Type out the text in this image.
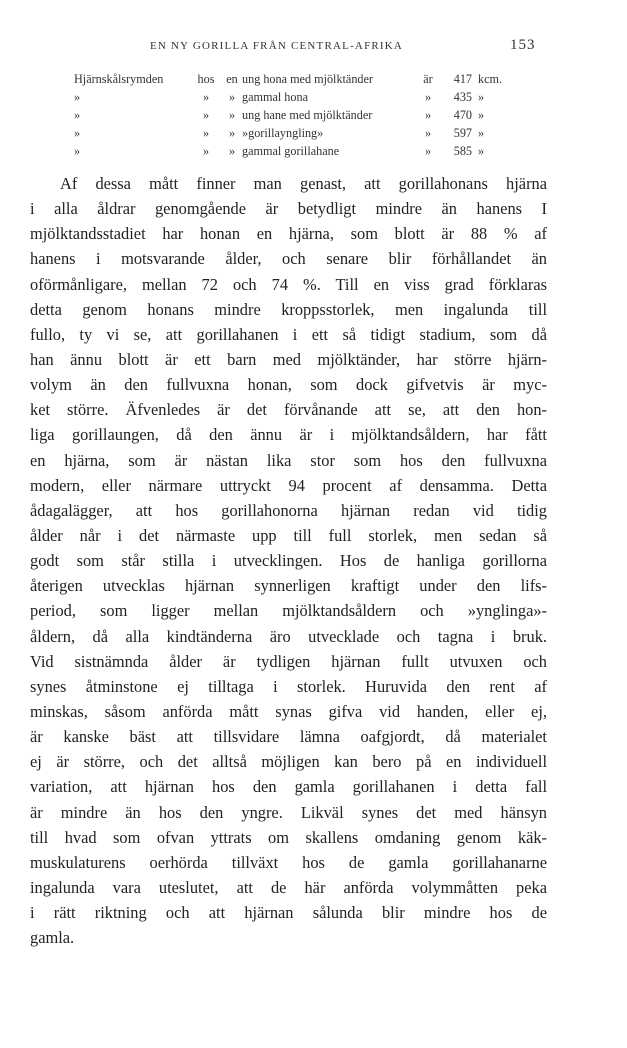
EN NY GORILLA FRÅN CENTRAL-AFRIKA	153
Hjärnskålsrymden	hos	en	ung hona med mjölktänder	är	417	kcm.
»	»	»	gammal hona	»	435	»
»	»	»	ung hane med mjölktänder	»	470	»
»	»	»	»gorillayngling»	»	597	»
»	»	»	gammal gorillahane	»	585	»
Af dessa mått finner man genast, att gorillahonans hjärna
i alla åldrar genomgående är betydligt mindre än hanens I
mjölktandsstadiet har honan en hjärna, som blott är 88 % af
hanens i motsvarande ålder, och senare blir förhållandet än
oförmånligare, mellan 72 och 74 %. Till en viss grad förklaras
detta genom honans mindre kroppsstorlek, men ingalunda till
fullo, ty vi se, att gorillahanen i ett så tidigt stadium, som då
han ännu blott är ett barn med mjölktänder, har större hjärn-
volym än den fullvuxna honan, som dock gifvetvis är myc-
ket större. Äfvenledes är det förvånande att se, att den hon-
liga gorillaungen, då den ännu är i mjölktandsåldern, har fått
en hjärna, som är nästan lika stor som hos den fullvuxna
modern, eller närmare uttryckt 94 procent af densamma. Detta
ådagalägger, att hos gorillahonorna hjärnan redan vid tidig
ålder når i det närmaste upp till full storlek, men sedan så
godt som står stilla i utvecklingen. Hos de hanliga gorillorna
återigen utvecklas hjärnan synnerligen kraftigt under den lifs-
period, som ligger mellan mjölktandsåldern och »ynglinga»-
åldern, då alla kindtänderna äro utvecklade och tagna i bruk.
Vid sistnämnda ålder är tydligen hjärnan fullt utvuxen och
synes åtminstone ej tilltaga i storlek. Huruvida den rent af
minskas, såsom anförda mått synas gifva vid handen, eller ej,
är kanske bäst att tillsvidare lämna oafgjordt, då materialet
ej är större, och det alltså möjligen kan bero på en individuell
variation, att hjärnan hos den gamla gorillahanen i detta fall
är mindre än hos den yngre. Likväl synes det med hänsyn
till hvad som ofvan yttrats om skallens omdaning genom käk-
muskulaturens oerhörda tillväxt hos de gamla gorillahanarne
ingalunda vara uteslutet, att de här anförda volymmåtten peka
i rätt riktning och att hjärnan sålunda blir mindre hos de
gamla.
